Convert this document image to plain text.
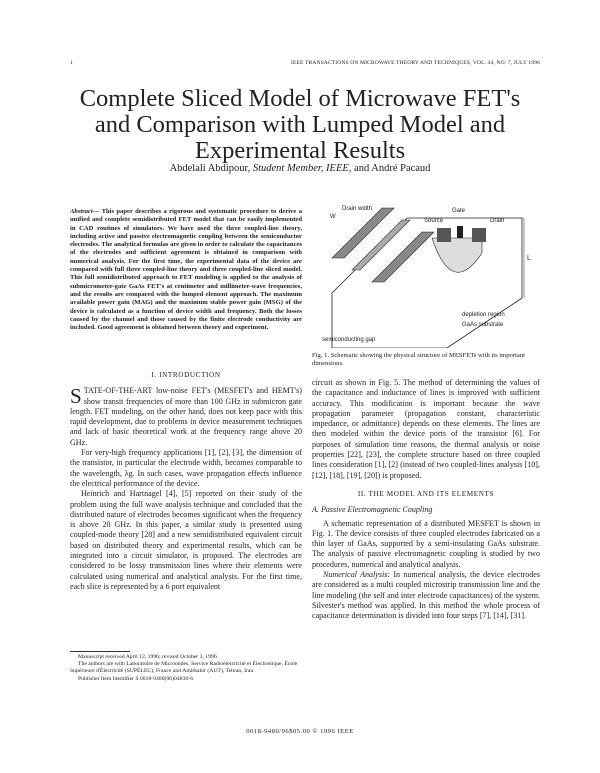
1	IEEE TRANSACTIONS ON MICROWAVE THEORY AND TECHNIQUES, VOL. 44, NO. 7, JULY 1996
Complete Sliced Model of Microwave FET's and Comparison with Lumped Model and Experimental Results
Abdelali Abdipour, Student Member, IEEE, and André Pacaud
Abstract— This paper describes a rigorous and systematic procedure to derive a unified and complete semidistributed FET model that can be easily implemented in CAD routines of simulators. We have used the three coupled-line theory, including active and passive electromagnetic coupling between the semiconductor electrodes. The analytical formulas are given in order to calculate the capacitances of the electrodes and sufficient agreement is obtained in comparison with numerical analysis. For the first time, the experimental data of the device are compared with full three coupled-line theory and three coupled-line sliced model. This full semidistributed approach to FET modeling is applied to the analysis of submicrometer-gate GaAs FET's at centimeter and millimeter-wave frequencies, and the results are compared with the lumped element approach. The maximum available power gain (MAG) and the maximum stable power gain (MSG) of the device is calculated as a function of device width and frequency. Both the losses caused by the channel and those caused by the finite electrode conductivity are included. Good agreement is obtained between theory and experiment.
I. INTRODUCTION

STATE-OF-THE-ART low-noise FET's (MESFET's and HEMT's) show transit frequencies of more than 100 GHz in submicron gate length. FET modeling, on the other hand, does not keep pace with this rapid development, due to problems in device measurement techniques and lack of basic theoretical work at the frequency range above 20 GHz.

For very-high frequency applications [1], [2], [3], the dimension of the transistor, in particular the electrode width, becomes comparable to the wavelength, λg. In such cases, wave propagation effects influence the electrical performance of the device.

Heinrich and Hartnagel [4], [5] reported on their study of the problem using the full wave analysis technique and concluded that the distributed nature of electrodes becomes significant when the frequency is above 20 GHz. In this paper, a similar study is presented using coupled-mode theory [28] and a new semidistributed equivalent circuit based on distributed theory and experimental results, which can be integrated into a circuit simulator, is proposed. The electrodes are considered to be lossy transmission lines where their elements were calculated using numerical and analytical analysis. For the first time, each slice is represented by a 6 port equivalent

Manuscript received April 12, 1996; revised October 3, 1996.

The authors are with Laboratoire de Microondes, Service Radioélectricité et Électronique, École Supérieure d'Électricité (SUPÉLEC), France and Amirkabir (AUT), Tehran, Iran.

Publisher Item Identifier S 0018-9480(96)04830-6.

L
W
Gate
Drain width
Source	Drain
semiconducting gap
depletion region
GaAs substrate
Fig. 1. Schematic showing the physical structure of MESFETs with its important dimensions.

circuit as shown in Fig. 5. The method of determining the values of the capacitance and inductance of lines is improved with sufficient accuracy. This modification is important because the wave propagation parameter (propagation constant, characteristic impedance, or admittance) depends on these elements. The lines are then modeled within the device ports of the transistor [6]. For purposes of simulation time reasons, the thermal analysis or noise properties [22], [23], the complete structure based on three coupled lines consideration [1], [2] (instead of two coupled-lines analysis [10], [12], [18], [19], [20]) is proposed.

II. THE MODEL AND ITS ELEMENTS
A. Passive Electromagnetic Coupling

A schematic representation of a distributed MESFET is shown in Fig. 1. The device consists of three coupled electrodes fabricated on a thin layer of GaAs, supported by a semi-insulating GaAs substrate. The analysis of passive electromagnetic coupling is studied by two procedures, numerical and analytical analysis.

Numerical Analysis: In numerical analysis, the device electrodes are considered as a multi coupled microstrip transmission line and the line modeling (the self and inter electrode capacitances) of the system. Silvester's method was applied. In this method the whole process of capacitance determination is divided into four steps [7], [14], [31].

0018-9480/96$05.00 © 1996 IEEE
